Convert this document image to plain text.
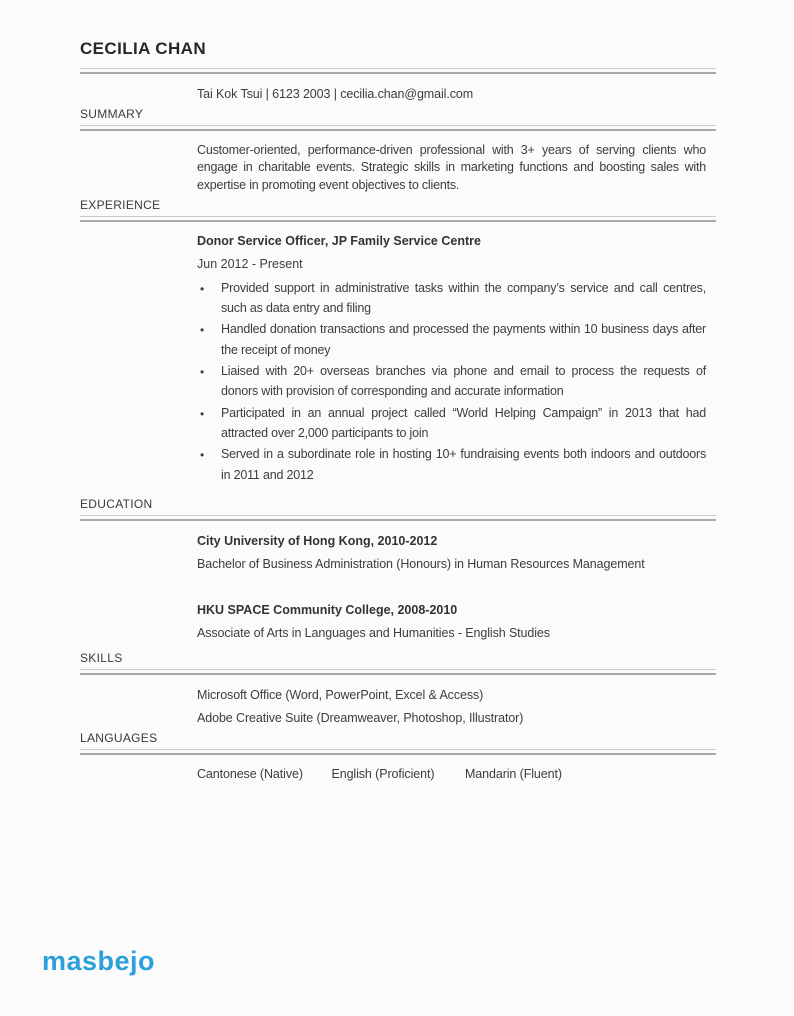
CECILIA CHAN
Tai Kok Tsui | 6123 2003 | cecilia.chan@gmail.com
SUMMARY

Customer-oriented, performance-driven professional with 3+ years of serving clients who engage in charitable events. Strategic skills in marketing functions and boosting sales with expertise in promoting event objectives to clients.

EXPERIENCE
Donor Service Officer, JP Family Service Centre
Jun 2012 - Present
• Provided support in administrative tasks within the company’s service and call centres, such as data entry and filing
• Handled donation transactions and processed the payments within 10 business days after the receipt of money
• Liaised with 20+ overseas branches via phone and email to process the requests of donors with provision of corresponding and accurate information
• Participated in an annual project called “World Helping Campaign” in 2013 that had attracted over 2,000 participants to join
• Served in a subordinate role in hosting 10+ fundraising events both indoors and outdoors in 2011 and 2012
EDUCATION
City University of Hong Kong, 2010-2012
Bachelor of Business Administration (Honours) in Human Resources Management
HKU SPACE Community College, 2008-2010
Associate of Arts in Languages and Humanities - English Studies
SKILLS
Microsoft Office (Word, PowerPoint, Excel & Access)
Adobe Creative Suite (Dreamweaver, Photoshop, Illustrator)
LANGUAGES
Cantonese (Native) English (Proficient) Mandarin (Fluent)
masbejo
